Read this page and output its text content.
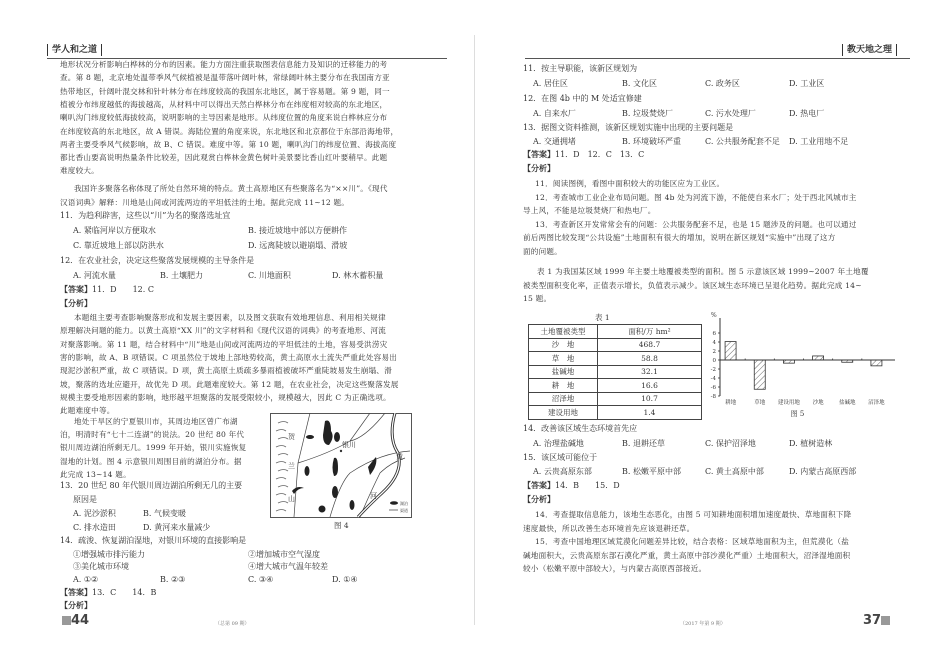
学人和之道
地形状况分析影响白桦林的分布的因素。能力方面注重获取图表信息能力及知识的迁移能力的考
查。第 8 题，北京地处温带季风气候植被是温带落叶阔叶林，常绿阔叶林主要分布在我国南方亚
热带地区，针阔叶混交林和针叶林分布在纬度较高的我国东北地区，属于容易题。第 9 题，同一
植被分布纬度越低的海拔越高，从材料中可以得出天然白桦林分布在纬度相对较高的东北地区，
喇叭沟门纬度较低海拔较高，说明影响的主导因素是地形。从纬度位置的角度来说白桦林应分布
在纬度较高的东北地区，故 A 错误。海陆位置的角度来说，东北地区和北京都位于东部沿海地带，
两者主要受季风气候影响，故 B、C 错误。难度中等。第 10 题，喇叭沟门的纬度位置、海拔高度
都比香山要高说明热量条件比较差，因此观赏白桦林金黄色树叶美景要比香山红叶要稍早。此题
难度较大。
我国许多聚落名称体现了所处自然环境的特点。黄土高原地区有些聚落名为“××川”。《现代
汉语词典》解释：川地是山间或河流两边的平坦低洼的土地。据此完成 11~12 题。
11．为趋利辟害，这些以“川”为名的聚落选址宜
A. 紧临河岸以方便取水	B. 接近坡地中部以方便耕作
C. 靠近坡地上部以防洪水	D. 远离陡坡以避崩塌、滑坡
12．在农业社会，决定这些聚落发展规模的主导条件是
A. 河流水量	B. 土壤肥力	C. 川地面积	D. 林木蓄积量
【答案】11．D　　12. C
【分析】
本题组主要考查影响聚落形成和发展主要因素，以及图文获取有效地理信息、利用相关规律
原理解决问题的能力。以黄土高原“XX 川”的文字材料和《现代汉语的词典》的考查地形、河流
对聚落影响。第 11 题，结合材料中“川”地是山间或河流两边的平坦低洼的土地，容易受洪涝灾
害的影响，故 A、B 项错误。C 项虽然位于坡地上部地势较高，黄土高原水土流失严重此处容易出
现泥沙淤积严重，故 C 项错误。D 项，黄土高原土质疏多暴雨植被破坏严重陡坡易发生崩塌、滑
坡，聚落的选址应避开，故优先 D 项。此题难度较大。第 12 题，在农业社会，决定这些聚落发展
规模主要受地形因素的影响，地形越平坦聚落的发展受限较小，规模越大，因此 C 为正确选项。
此题难度中等。
地处干旱区的宁夏银川市，其周边地区曾广布湖
泊，明清时有“七十二连湖”的说法。20 世纪 80 年代
银川周边湖泊所剩无几。1999 年开始，银川实施恢复
湿地的计划。图 4 示意银川周围目前的湖泊分布。据
此完成 13~14 题。
13．20 世纪 80 年代银川周边湖泊所剩无几的主要
原因是
A. 泥沙淤积	B. 气候变暖
C. 排水造田	D. 黄河来水量减少
贺
兰
山
银川
黄
河
湖泊
渠道
图 4
14．疏浚、恢复湖泊湿地，对银川环境的直接影响是
①增强城市排污能力	②增加城市空气湿度
③美化城市环境	④增大城市气温年较差
A. ①②	B. ②③	C. ③④	D. ①④
【答案】13．C　　14．B
【分析】
44	（总第 09 期）
教天地之理
11．按主导职能，该新区规划为
A. 居住区	B. 文化区	C. 政务区	D. 工业区
12．在图 4b 中的 M 处适宜修建
A. 自来水厂	B. 垃圾焚烧厂	C. 污水处理厂	D. 热电厂
13．据图文资料推测，该新区规划实施中出现的主要问题是
A. 交通拥堵	B. 环境破坏严重	C. 公共服务配套不足 D. 工业用地不足
【答案】11．D　12．C　13．C
【分析】
11．阅读图例，看图中面积较大的功能区应为工业区。
12．考查城市工业企业布局问题。图 4b 处为河流下游，不能使自来水厂；处于西北风城市主
导上风，不能是垃圾焚烧厂和热电厂。
13．考查新区开发常常会有的问题：公共服务配套不足，也是 15 题涉及的问题。也可以通过
前后两图比较发现“公共设施”土地面积有很大的增加，说明在新区规划“实施中”出现了这方
面的问题。
表 1 为我国某区域 1999 年主要土地覆被类型的面积。图 5 示意该区域 1999~2007 年土地覆
被类型面积变化率，正值表示增长，负值表示减少。该区域生态环境已呈退化趋势。据此完成 14~
15 题。
表 1
土地覆被类型	面积/万 hm²
沙　地	468.7
草　地	58.8
盐碱地	32.1
耕　地	16.6
沼泽地	10.7
建设用地	1.4
%
6
4
2
0
-2
-4
-6
-8
耕地	草地 建设用地 沙地	盐碱地 沼泽地
图 5
14．改善该区域生态环境首先应
A. 治理盐碱地	B. 退耕还草	C. 保护沼泽地	D. 植树造林
15．该区域可能位于
A. 云贵高原东部	B. 松嫩平原中部	C. 黄土高原中部	D. 内蒙古高原西部
【答案】14．B　　15．D
【分析】
14．考查提取信息能力，该地生态恶化，由图 5 可知耕地面积增加速度最快、草地面积下降
速度最快，所以改善生态环境首先应该退耕还草。
15．考查中国地理区域荒漠化问题差异比较，结合表格：区域草地面积为主，但荒漠化（盐
碱地面积大，云贵高原东部石漠化严重，黄土高原中部沙漠化严重）土地面积大，沼泽湿地面积
较小（松嫩平原中部较大），与内蒙古高原西部接近。
（2017 年第 9 期）	37
